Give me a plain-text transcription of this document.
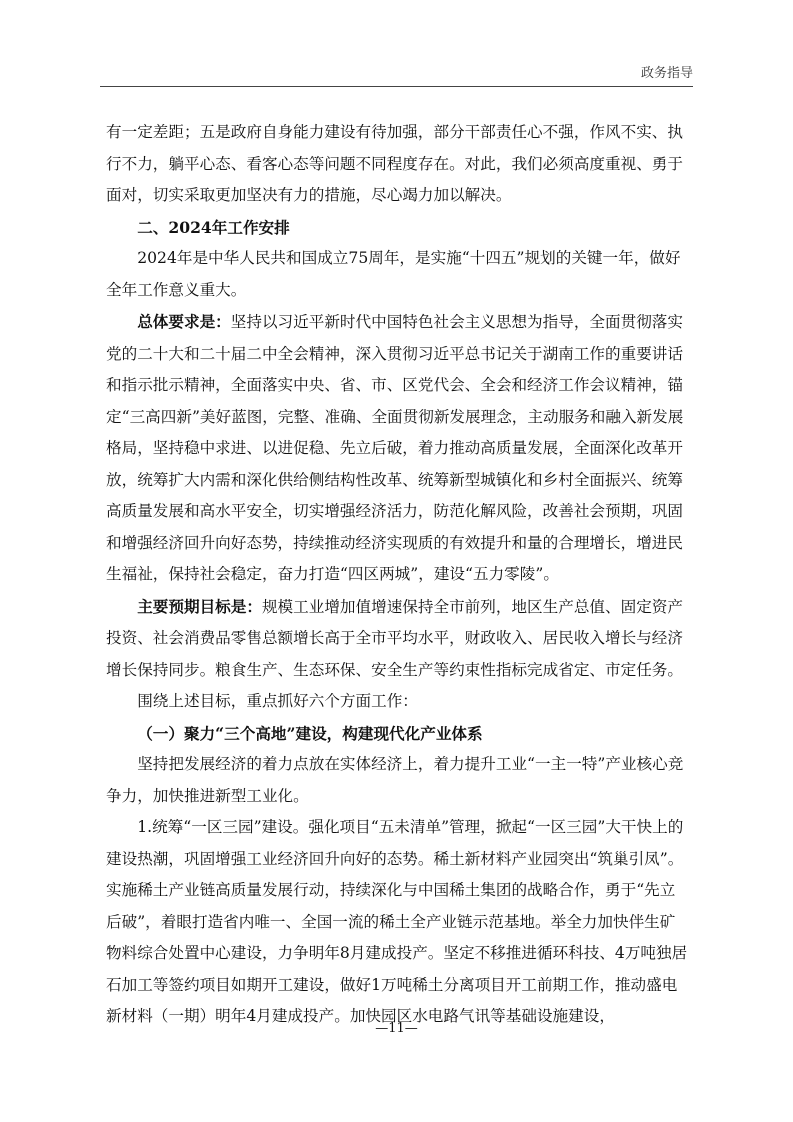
政务指导

有一定差距；五是政府自身能力建设有待加强，部分干部责任心不强，作风不实、执行不力，躺平心态、看客心态等问题不同程度存在。对此，我们必须高度重视、勇于面对，切实采取更加坚决有力的措施，尽心竭力加以解决。

二、2024年工作安排

2024年是中华人民共和国成立75周年，是实施“十四五”规划的关键一年，做好全年工作意义重大。

总体要求是：坚持以习近平新时代中国特色社会主义思想为指导，全面贯彻落实党的二十大和二十届二中全会精神，深入贯彻习近平总书记关于湖南工作的重要讲话和指示批示精神，全面落实中央、省、市、区党代会、全会和经济工作会议精神，锚定“三高四新”美好蓝图，完整、准确、全面贯彻新发展理念，主动服务和融入新发展格局，坚持稳中求进、以进促稳、先立后破，着力推动高质量发展，全面深化改革开放，统筹扩大内需和深化供给侧结构性改革、统筹新型城镇化和乡村全面振兴、统筹高质量发展和高水平安全，切实增强经济活力，防范化解风险，改善社会预期，巩固和增强经济回升向好态势，持续推动经济实现质的有效提升和量的合理增长，增进民生福祉，保持社会稳定，奋力打造“四区两城”，建设“五力零陵”。

主要预期目标是：规模工业增加值增速保持全市前列，地区生产总值、固定资产投资、社会消费品零售总额增长高于全市平均水平，财政收入、居民收入增长与经济增长保持同步。粮食生产、生态环保、安全生产等约束性指标完成省定、市定任务。

围绕上述目标，重点抓好六个方面工作：

（一）聚力“三个高地”建设，构建现代化产业体系

坚持把发展经济的着力点放在实体经济上，着力提升工业“一主一特”产业核心竞争力，加快推进新型工业化。

1.统筹“一区三园”建设。强化项目“五未清单”管理，掀起“一区三园”大干快上的建设热潮，巩固增强工业经济回升向好的态势。稀土新材料产业园突出“筑巢引凤”。实施稀土产业链高质量发展行动，持续深化与中国稀土集团的战略合作，勇于“先立后破”，着眼打造省内唯一、全国一流的稀土全产业链示范基地。举全力加快伴生矿物料综合处置中心建设，力争明年8月建成投产。坚定不移推进循环科技、4万吨独居石加工等签约项目如期开工建设，做好1万吨稀土分离项目开工前期工作，推动盛电新材料（一期）明年4月建成投产。加快园区水电路气讯等基础设施建设，

—11—
